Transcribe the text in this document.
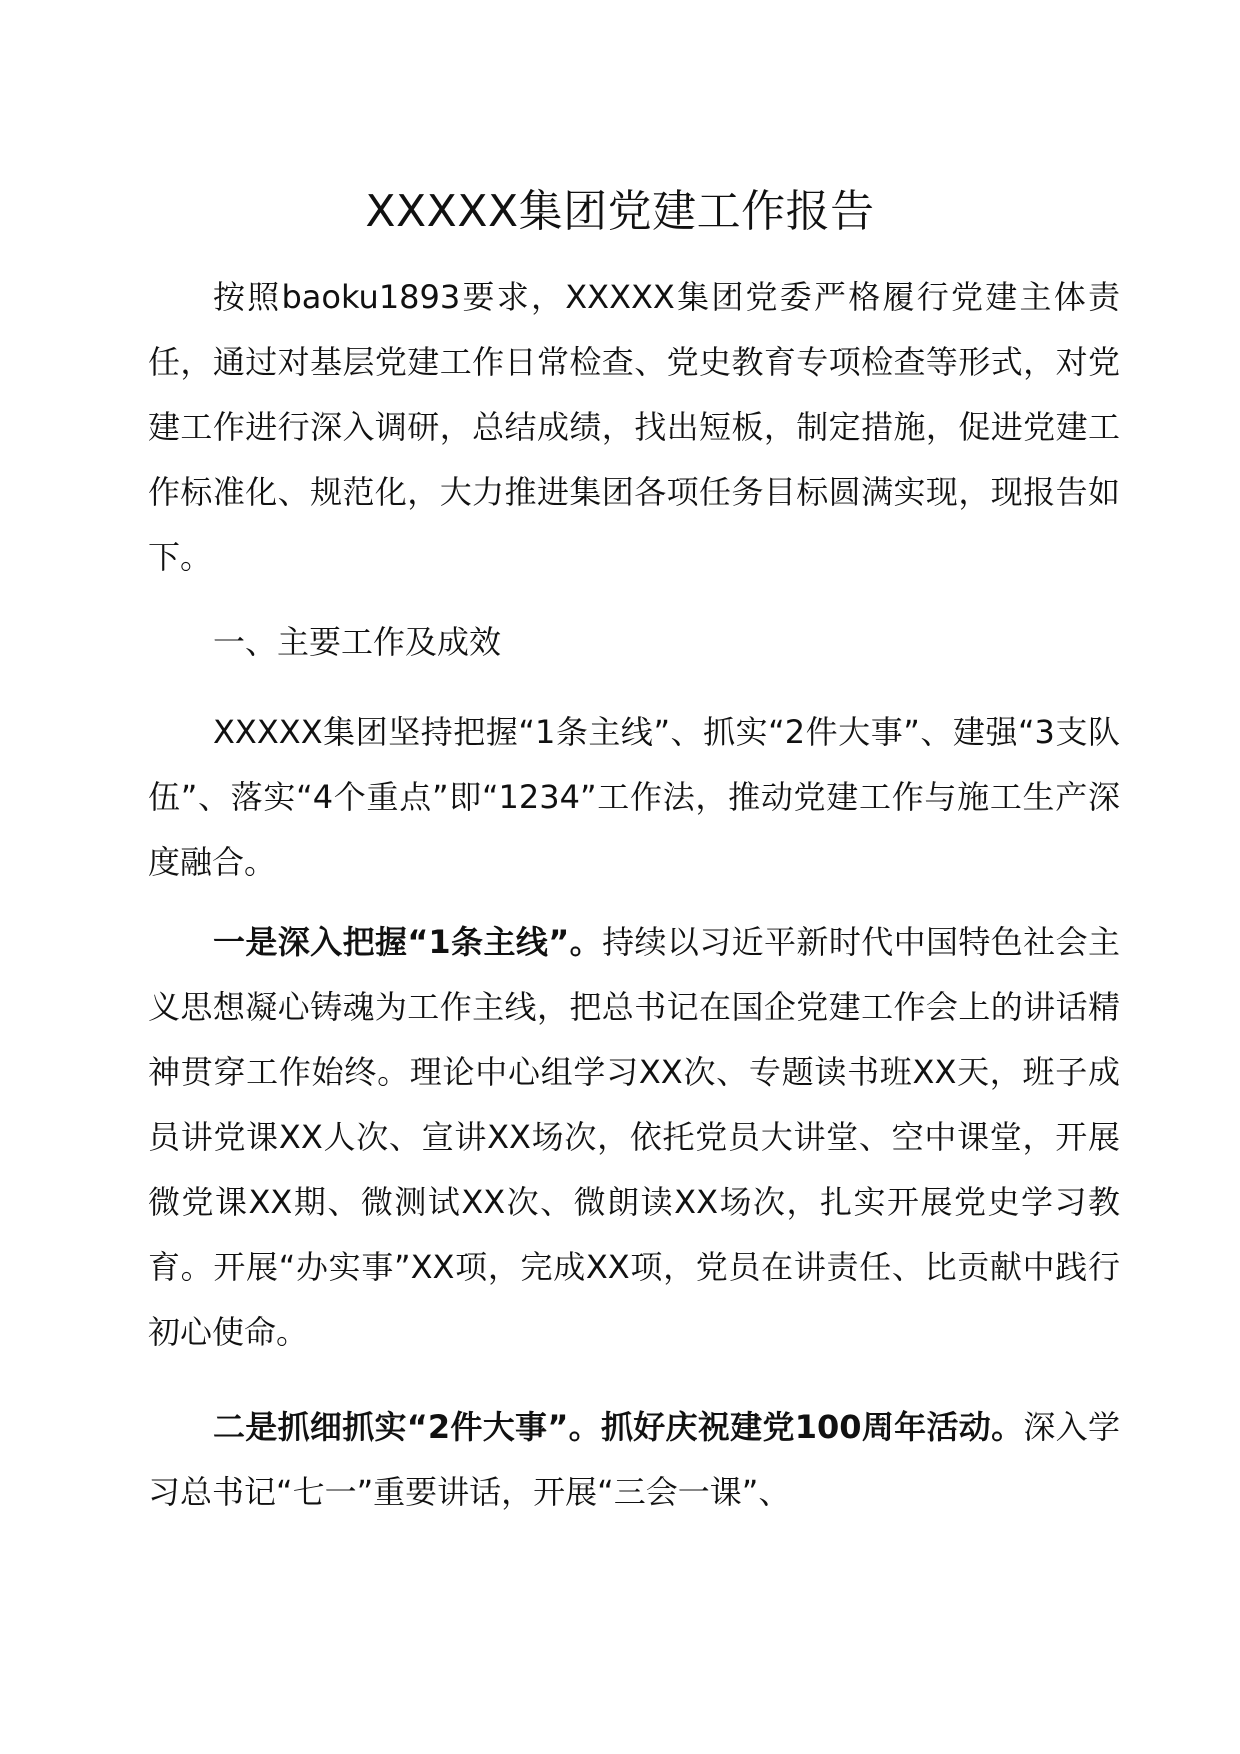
XXXXX集团党建工作报告

按照baoku1893要求，XXXXX集团党委严格履行党建主体责任，通过对基层党建工作日常检查、党史教育专项检查等形式，对党建工作进行深入调研，总结成绩，找出短板，制定措施，促进党建工作标准化、规范化，大力推进集团各项任务目标圆满实现，现报告如下。

一、主要工作及成效

XXXXX集团坚持把握“1条主线”、抓实“2件大事”、建强“3支队伍”、落实“4个重点”即“1234”工作法，推动党建工作与施工生产深度融合。

一是深入把握“1条主线”。持续以习近平新时代中国特色社会主义思想凝心铸魂为工作主线，把总书记在国企党建工作会上的讲话精神贯穿工作始终。理论中心组学习XX次、专题读书班XX天，班子成员讲党课XX人次、宣讲XX场次，依托党员大讲堂、空中课堂，开展微党课XX期、微测试XX次、微朗读XX场次，扎实开展党史学习教育。开展“办实事”XX项，完成XX项，党员在讲责任、比贡献中践行初心使命。

二是抓细抓实“2件大事”。抓好庆祝建党100周年活动。深入学习总书记“七一”重要讲话，开展“三会一课”、
